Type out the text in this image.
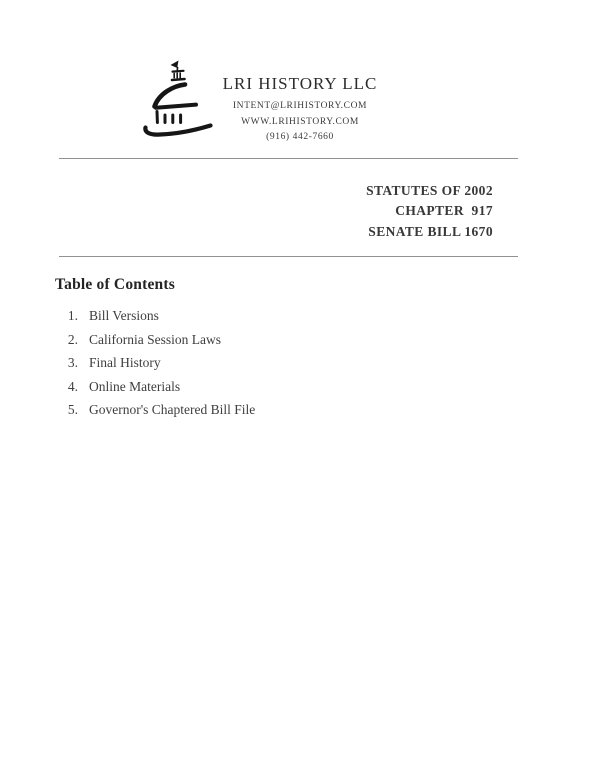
LRI HISTORY LLC
INTENT@LRIHISTORY.COM
WWW.LRIHISTORY.COM
(916) 442-7660
STATUTES OF 2002
CHAPTER  917
SENATE BILL 1670
Table of Contents
1. Bill Versions
2. California Session Laws
3. Final History
4. Online Materials
5. Governor's Chaptered Bill File
